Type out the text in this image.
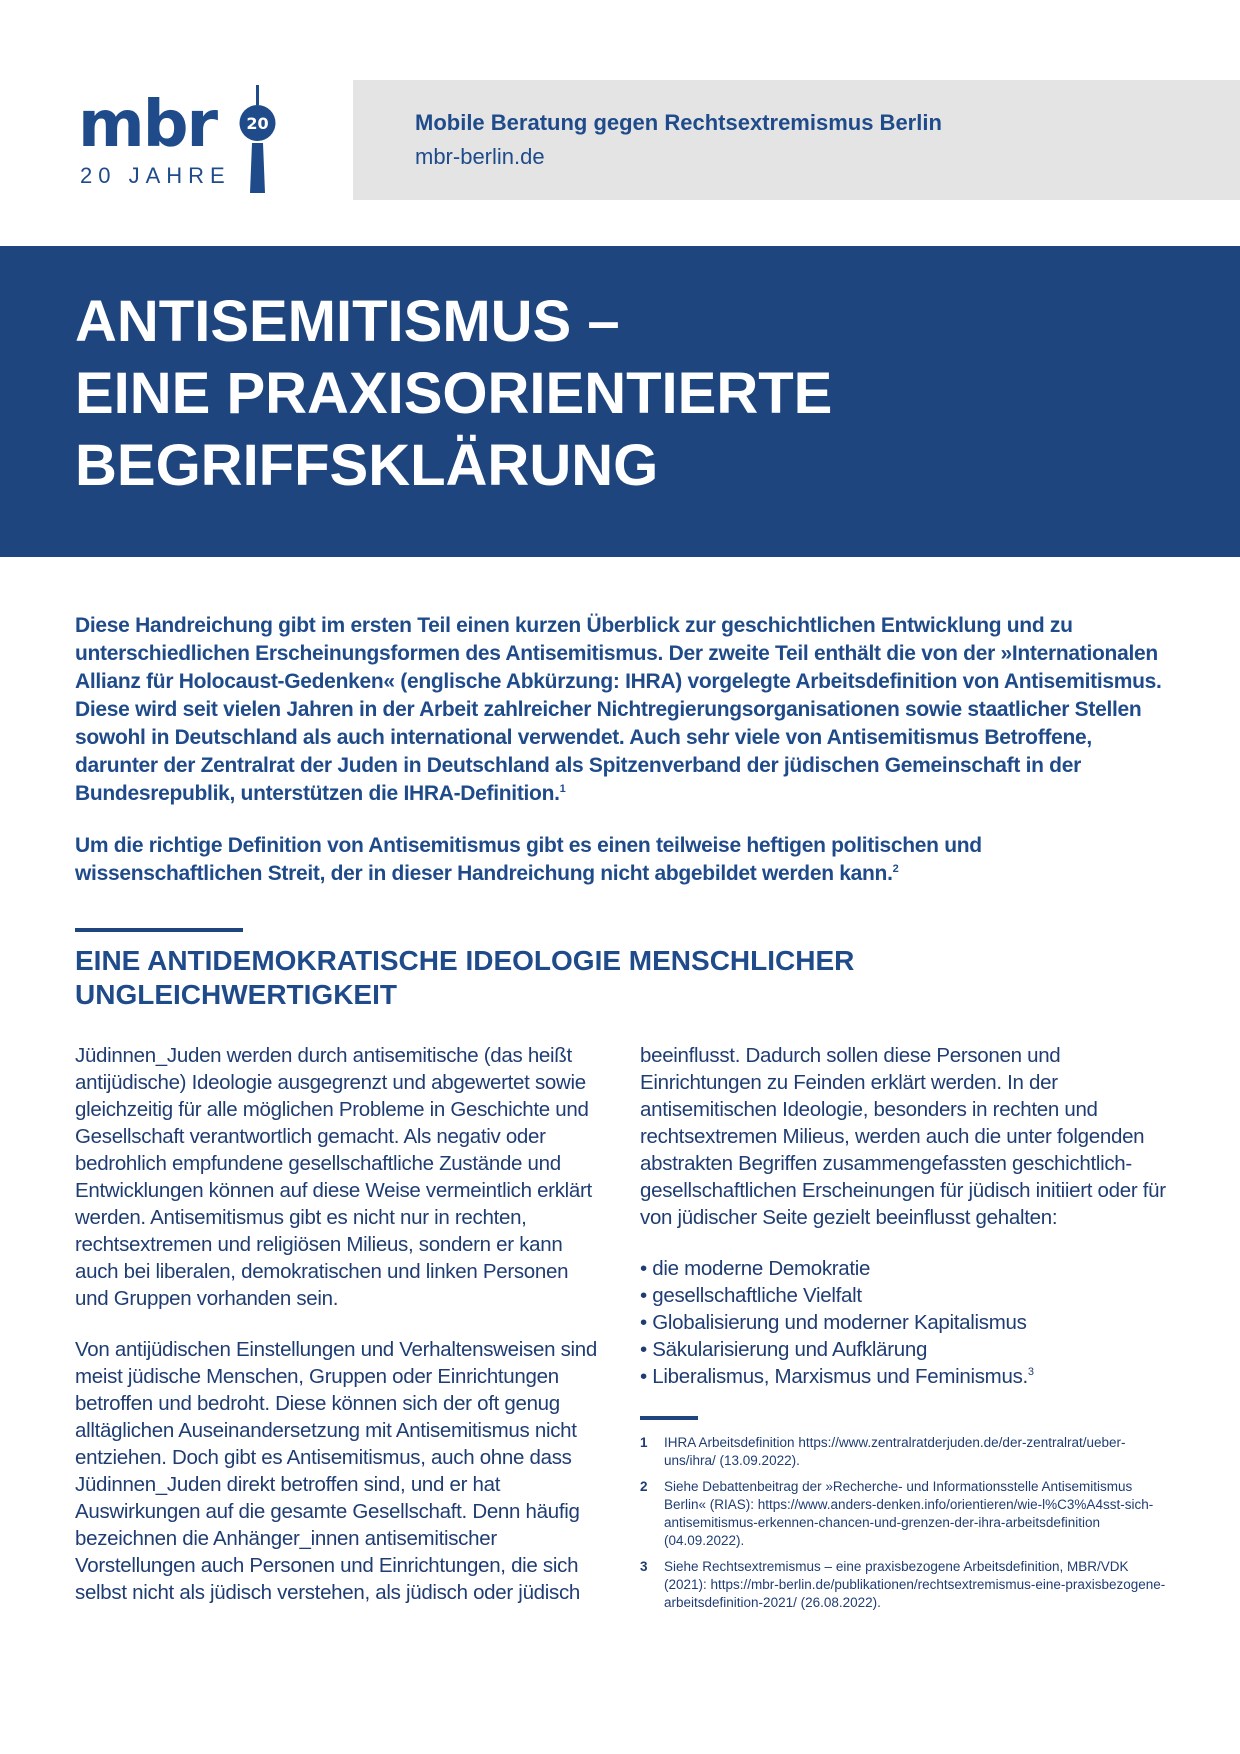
mbr
20 JAHRE
20	Mobile Beratung gegen Rechtsextremismus Berlin
mbr-berlin.de
ANTISEMITISMUS –
EINE PRAXISORIENTIERTE
BEGRIFFSKLÄRUNG

Diese Handreichung gibt im ersten Teil einen kurzen Überblick zur geschichtlichen Entwicklung und zu unterschiedlichen Erscheinungsformen des Antisemitismus. Der zweite Teil enthält die von der »Internationalen Allianz für Holocaust-Gedenken« (englische Abkürzung: IHRA) vorgelegte Arbeitsdefinition von Antisemitismus. Diese wird seit vielen Jahren in der Arbeit zahlreicher Nichtregierungsorganisationen sowie staatlicher Stellen sowohl in Deutschland als auch international verwendet. Auch sehr viele von Antisemitismus Betroffene, darunter der Zentralrat der Juden in Deutschland als Spitzenverband der jüdischen Gemeinschaft in der Bundesrepublik, unterstützen die IHRA-Definition.$^1$

Um die richtige Definition von Antisemitismus gibt es einen teilweise heftigen politischen und wissenschaftlichen Streit, der in dieser Handreichung nicht abgebildet werden kann.$^2$

EINE ANTIDEMOKRATISCHE IDEOLOGIE MENSCHLICHER UNGLEICHWERTIGKEIT

Jüdinnen_Juden werden durch antisemitische (das heißt antijüdische) Ideologie ausgegrenzt und abgewertet sowie gleichzeitig für alle möglichen Probleme in Geschichte und Gesellschaft verantwortlich gemacht. Als negativ oder bedrohlich empfundene gesellschaftliche Zustände und Entwicklungen können auf diese Weise vermeintlich erklärt werden. Antisemitismus gibt es nicht nur in rechten, rechtsextremen und religiösen Milieus, sondern er kann auch bei liberalen, demokratischen und linken Personen und Gruppen vorhanden sein.

Von antijüdischen Einstellungen und Verhaltensweisen sind meist jüdische Menschen, Gruppen oder Einrichtungen betroffen und bedroht. Diese können sich der oft genug alltäglichen Auseinandersetzung mit Antisemitismus nicht entziehen. Doch gibt es Antisemitismus, auch ohne dass Jüdinnen_Juden direkt betroffen sind, und er hat Auswirkungen auf die gesamte Gesellschaft. Denn häufig bezeichnen die Anhänger_innen antisemitischer Vorstellungen auch Personen und Einrichtungen, die sich selbst nicht als jüdisch verstehen, als jüdisch oder jüdisch

beeinflusst. Dadurch sollen diese Personen und Einrichtungen zu Feinden erklärt werden. In der antisemitischen Ideologie, besonders in rechten und rechtsextremen Milieus, werden auch die unter folgenden abstrakten Begriffen zusammengefassten geschichtlich-gesellschaftlichen Erscheinungen für jüdisch initiiert oder für von jüdischer Seite gezielt beeinflusst gehalten:

• die moderne Demokratie
• gesellschaftliche Vielfalt
• Globalisierung und moderner Kapitalismus
• Säkularisierung und Aufklärung
• Liberalismus, Marxismus und Feminismus.$^3$
1	IHRA Arbeitsdefinition https://www.zentralratderjuden.de/der-zentralrat/ueber-uns/ihra/ (13.09.2022).
2	Siehe Debattenbeitrag der »Recherche- und Informationsstelle Antisemitismus Berlin« (RIAS): https://www.anders-denken.info/orientieren/wie-l%C3%A4sst-sich-antisemitismus-erkennen-chancen-und-grenzen-der-ihra-arbeitsdefinition (04.09.2022).
3	Siehe Rechtsextremismus – eine praxisbezogene Arbeitsdefinition, MBR/VDK (2021): https://mbr-berlin.de/publikationen/rechtsextremismus-eine-praxisbezogene-arbeitsdefinition-2021/ (26.08.2022).
